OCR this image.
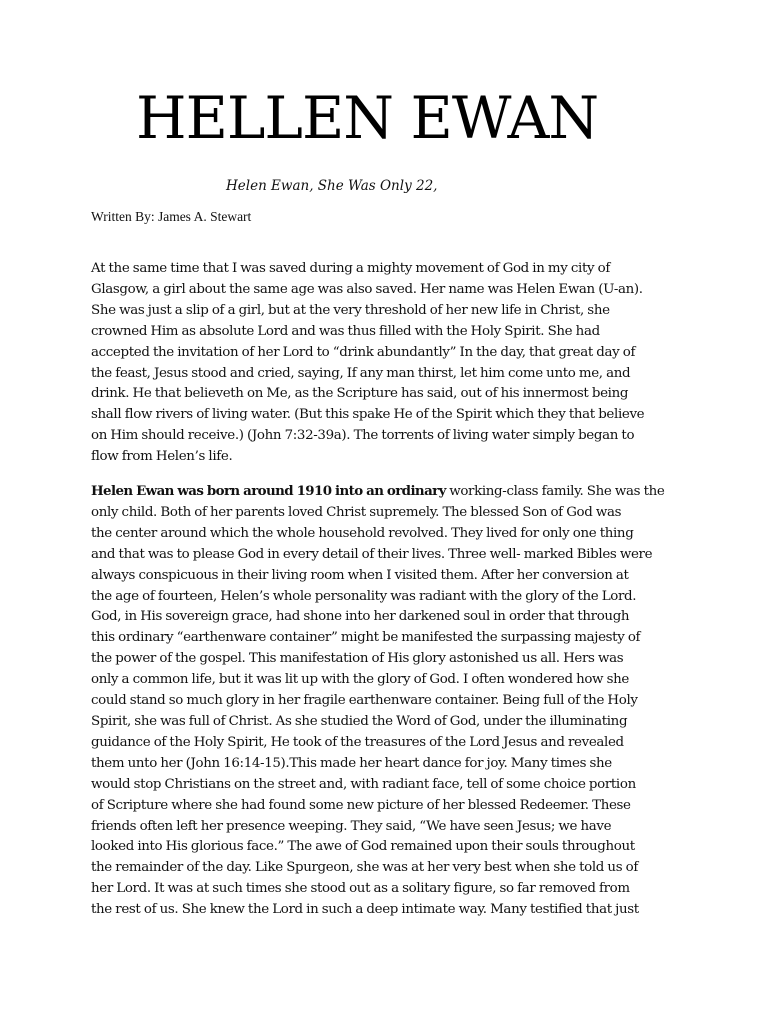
HELLEN EWAN

Helen Ewan, She Was Only 22,

Written By: James A. Stewart

At the same time that I was saved during a mighty movement of God in my city of
Glasgow, a girl about the same age was also saved. Her name was Helen Ewan (U-an).
She was just a slip of a girl, but at the very threshold of her new life in Christ, she
crowned Him as absolute Lord and was thus filled with the Holy Spirit. She had
accepted the invitation of her Lord to “drink abundantly” In the day, that great day of
the feast, Jesus stood and cried, saying, If any man thirst, let him come unto me, and
drink. He that believeth on Me, as the Scripture has said, out of his innermost being
shall flow rivers of living water. (But this spake He of the Spirit which they that believe
on Him should receive.) (John 7:32-39a). The torrents of living water simply began to
flow from Helen’s life.
Helen Ewan was born around 1910 into an ordinary working-class family. She was the
only child. Both of her parents loved Christ supremely. The blessed Son of God was
the center around which the whole household revolved. They lived for only one thing
and that was to please God in every detail of their lives. Three well- marked Bibles were
always conspicuous in their living room when I visited them. After her conversion at
the age of fourteen, Helen’s whole personality was radiant with the glory of the Lord.
God, in His sovereign grace, had shone into her darkened soul in order that through
this ordinary “earthenware container” might be manifested the surpassing majesty of
the power of the gospel. This manifestation of His glory astonished us all. Hers was
only a common life, but it was lit up with the glory of God. I often wondered how she
could stand so much glory in her fragile earthenware container. Being full of the Holy
Spirit, she was full of Christ. As she studied the Word of God, under the illuminating
guidance of the Holy Spirit, He took of the treasures of the Lord Jesus and revealed
them unto her (John 16:14-15).This made her heart dance for joy. Many times she
would stop Christians on the street and, with radiant face, tell of some choice portion
of Scripture where she had found some new picture of her blessed Redeemer. These
friends often left her presence weeping. They said, “We have seen Jesus; we have
looked into His glorious face.” The awe of God remained upon their souls throughout
the remainder of the day. Like Spurgeon, she was at her very best when she told us of
her Lord. It was at such times she stood out as a solitary figure, so far removed from
the rest of us. She knew the Lord in such a deep intimate way. Many testified that just
